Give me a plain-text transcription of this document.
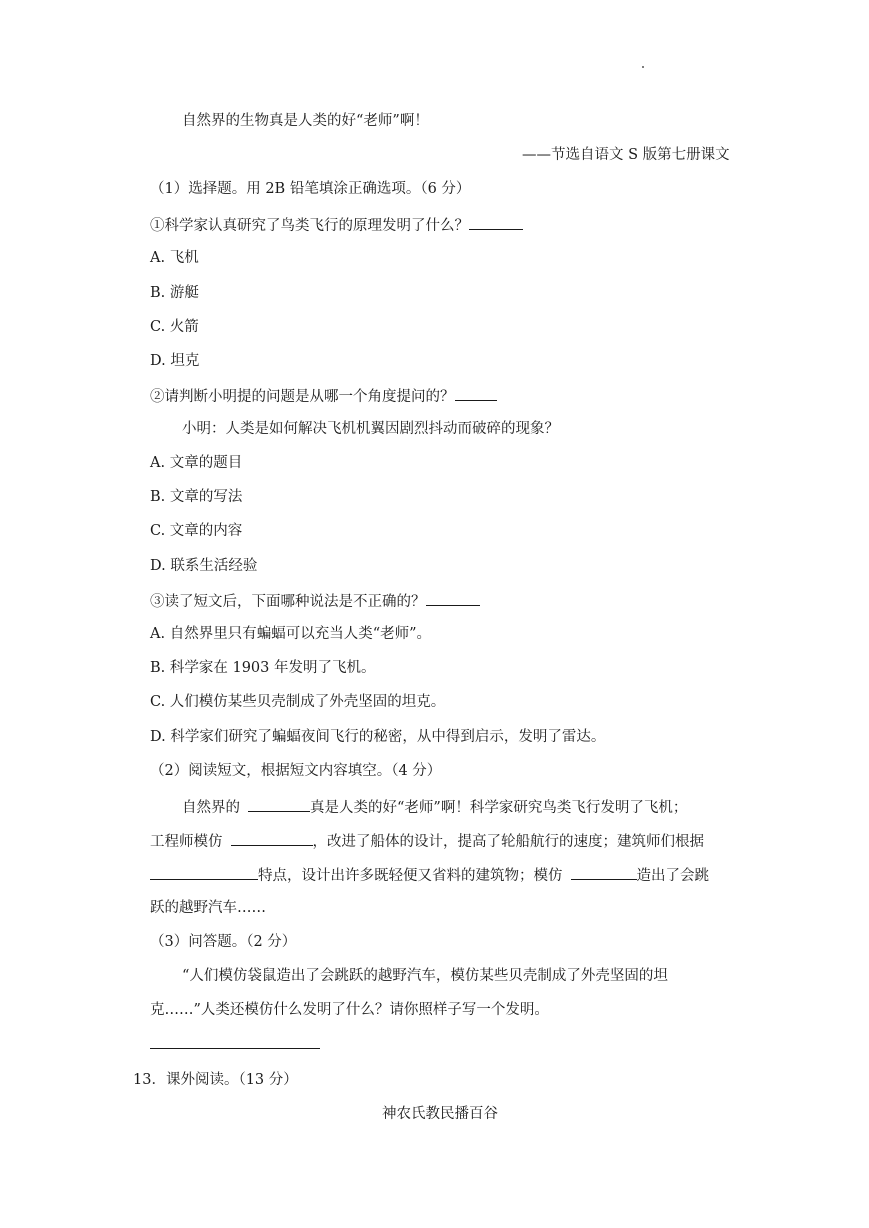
自然界的生物真是人类的好“老师”啊！
——节选自语文 S 版第七册课文
（1）选择题。用 2B 铅笔填涂正确选项。（6 分）
①科学家认真研究了鸟类飞行的原理发明了什么？
A. 飞机
B. 游艇
C. 火箭
D. 坦克
②请判断小明提的问题是从哪一个角度提问的？
小明：人类是如何解决飞机机翼因剧烈抖动而破碎的现象？
A. 文章的题目
B. 文章的写法
C. 文章的内容
D. 联系生活经验
③读了短文后，下面哪种说法是不正确的？
A. 自然界里只有蝙蝠可以充当人类“老师”。
B. 科学家在 1903 年发明了飞机。
C. 人们模仿某些贝壳制成了外壳坚固的坦克。
D. 科学家们研究了蝙蝠夜间飞行的秘密，从中得到启示，发明了雷达。
（2）阅读短文，根据短文内容填空。（4 分）
自然界的	真是人类的好“老师”啊！科学家研究鸟类飞行发明了飞机；
工程师模仿	，改进了船体的设计，提高了轮船航行的速度；建筑师们根据
特点，设计出许多既轻便又省料的建筑物；模仿	造出了会跳
跃的越野汽车……
（3）问答题。（2 分）
“人们模仿袋鼠造出了会跳跃的越野汽车，模仿某些贝壳制成了外壳坚固的坦
克……”人类还模仿什么发明了什么？请你照样子写一个发明。
13．课外阅读。（13 分）
神农氏教民播百谷
